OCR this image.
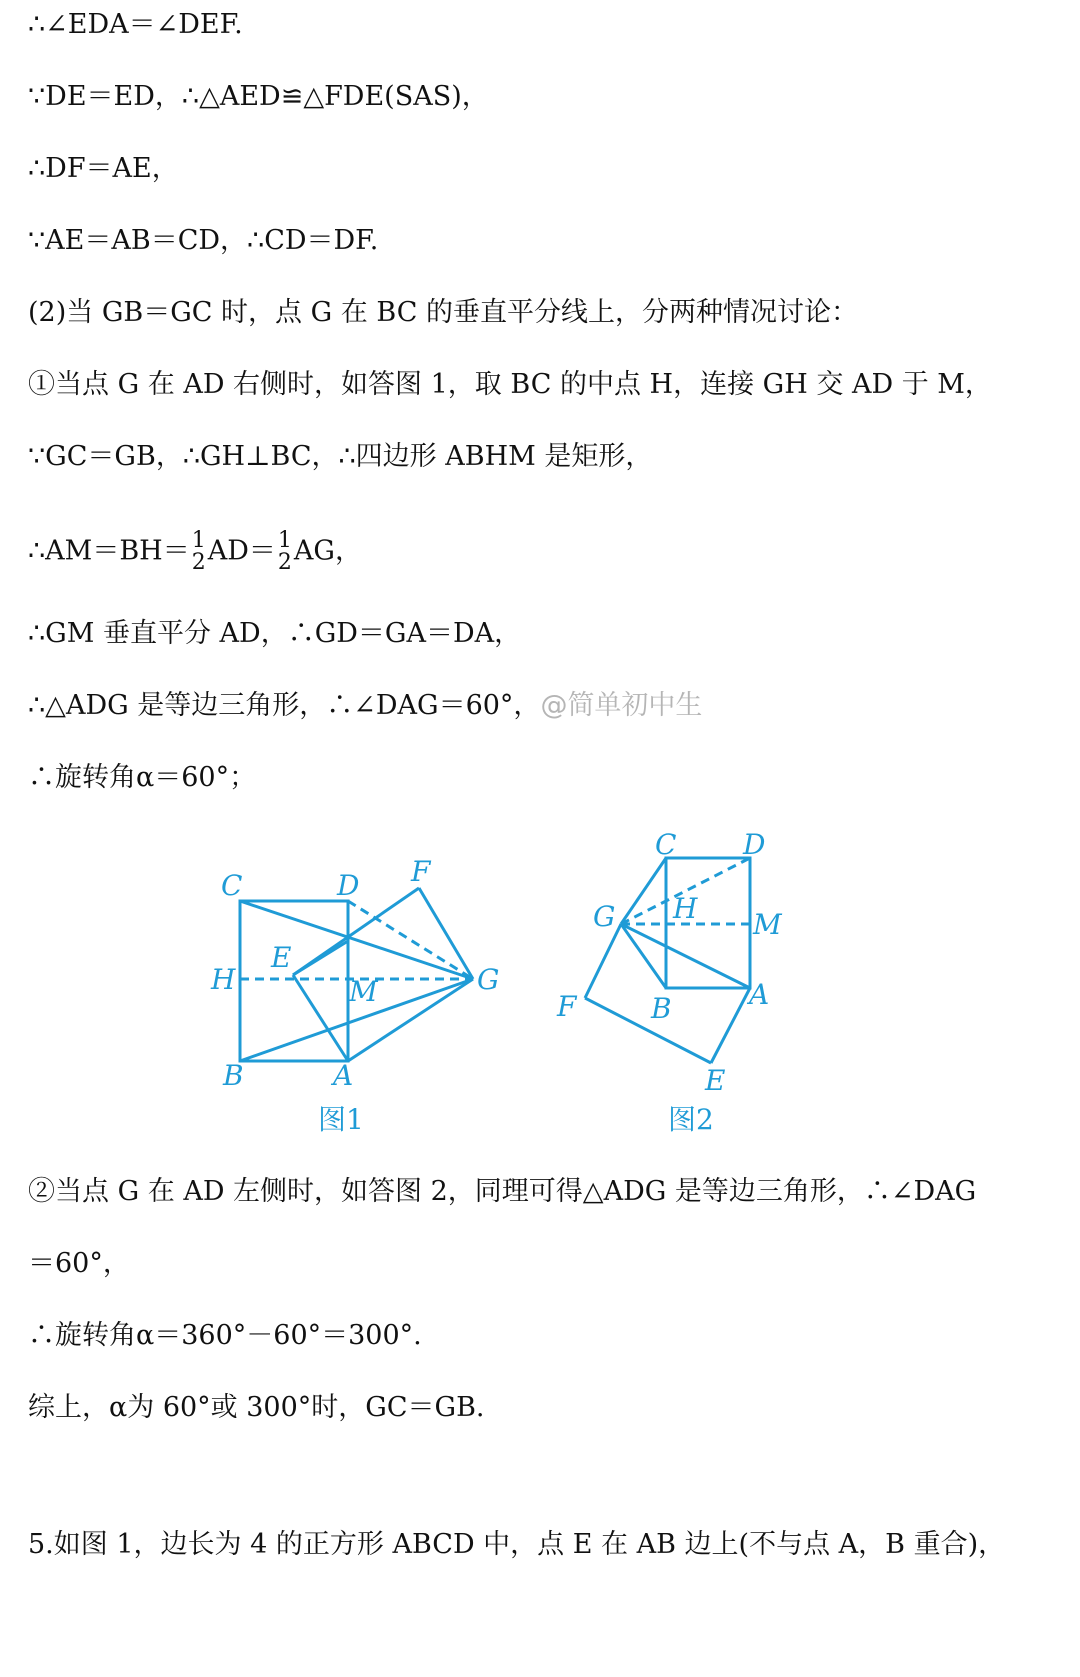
∴∠EDA＝∠DEF.
∵DE＝ED，∴△AED≌△FDE(SAS)，
∴DF＝AE，
∵AE＝AB＝CD，∴CD＝DF.
(2)当 GB＝GC 时，点 G 在 BC 的垂直平分线上，分两种情况讨论：
①当点 G 在 AD 右侧时，如答图 1，取 BC 的中点 H，连接 GH 交 AD 于 M，
∵GC＝GB，∴GH⊥BC，∴四边形 ABHM 是矩形，
∴AM＝BH＝ 1
2 AD＝ 1
2 AG，
∴GM 垂直平分 AD，∴GD＝GA＝DA，
∴△ADG 是等边三角形，∴∠DAG＝60°，@简单初中生
∴旋转角α＝60°；
②当点 G 在 AD 左侧时，如答图 2，同理可得△ADG 是等边三角形，∴∠DAG
＝60°，
∴旋转角α＝360°－60°＝300°.
综上，α为 60°或 300°时，GC＝GB.
5.如图 1，边长为 4 的正方形 ABCD 中，点 E 在 AB 边上(不与点 A，B 重合)，
C	D F
E
H	M	G
B	A
图1
C D
G H M
F	B	A
E
图2
